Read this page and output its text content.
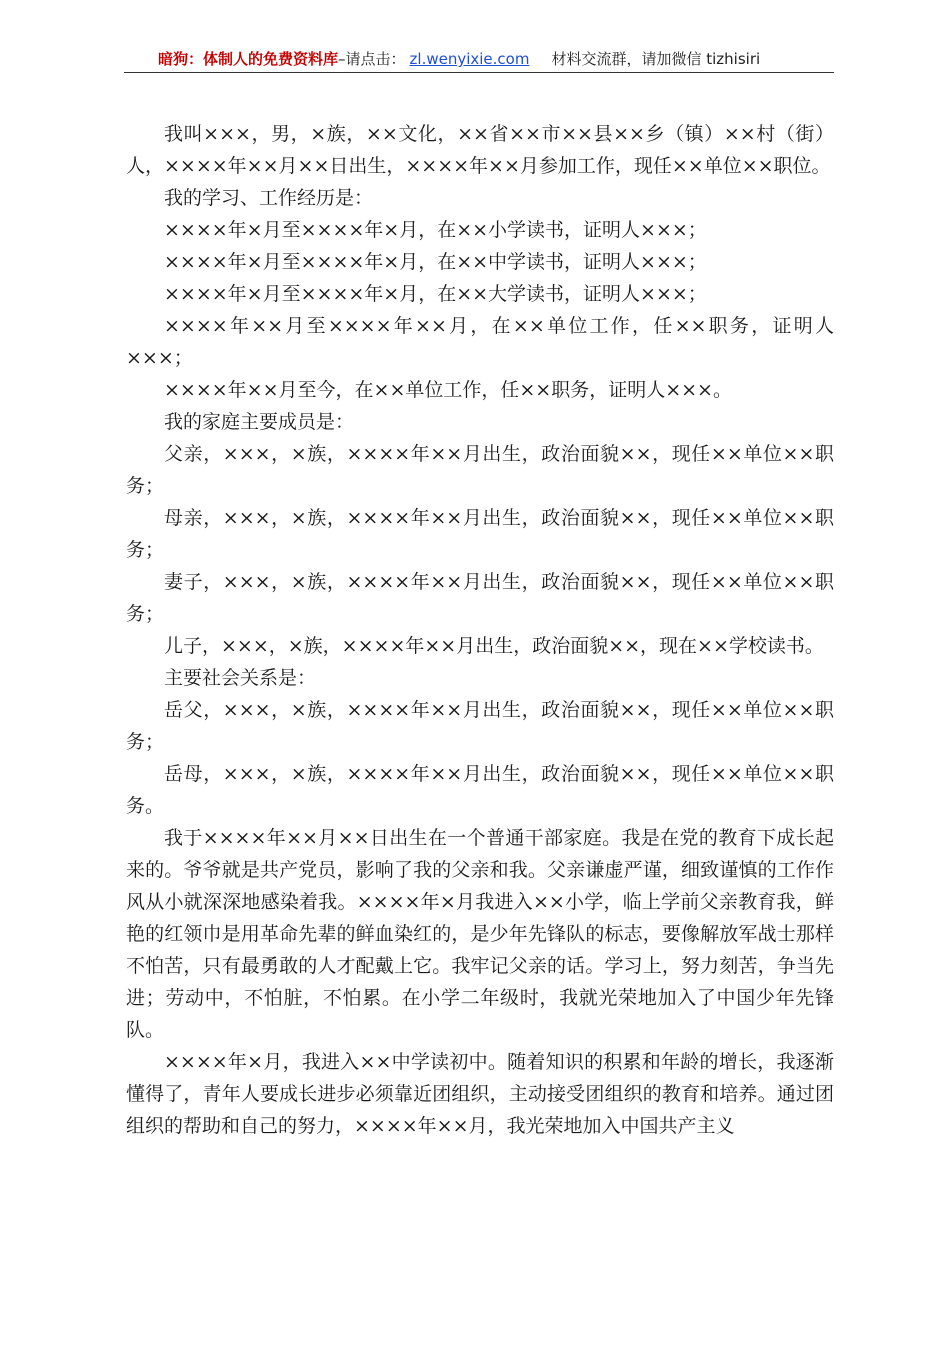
暗狗：体制人的免费资料库 –请点击： zl.wenyixie.com 材料交流群，请加微信 tizhisiri

我叫×××，男，×族，××文化，××省××市××县××乡（镇）××村（街）人，××××年××月××日出生，××××年××月参加工作，现任××单位××职位。

我的学习、工作经历是：

××××年×月至××××年×月，在××小学读书，证明人×××；

××××年×月至××××年×月，在××中学读书，证明人×××；

××××年×月至××××年×月，在××大学读书，证明人×××；

××××年××月至××××年××月，在××单位工作，任××职务，证明人×××；

××××年××月至今，在××单位工作，任××职务，证明人×××。

我的家庭主要成员是：

父亲，×××，×族，××××年××月出生，政治面貌××，现任××单位××职务；

母亲，×××，×族，××××年××月出生，政治面貌××，现任××单位××职务；

妻子，×××，×族，××××年××月出生，政治面貌××，现任××单位××职务；

儿子，×××，×族，××××年××月出生，政治面貌××，现在××学校读书。

主要社会关系是：

岳父，×××，×族，××××年××月出生，政治面貌××，现任××单位××职务；

岳母，×××，×族，××××年××月出生，政治面貌××，现任××单位××职务。

我于××××年××月××日出生在一个普通干部家庭。我是在党的教育下成长起来的。爷爷就是共产党员，影响了我的父亲和我。父亲谦虚严谨，细致谨慎的工作作风从小就深深地感染着我。××××年×月我进入××小学，临上学前父亲教育我，鲜艳的红领巾是用革命先辈的鲜血染红的，是少年先锋队的标志，要像解放军战士那样不怕苦，只有最勇敢的人才配戴上它。我牢记父亲的话。学习上，努力刻苦，争当先进；劳动中，不怕脏，不怕累。在小学二年级时，我就光荣地加入了中国少年先锋队。

××××年×月，我进入××中学读初中。随着知识的积累和年龄的增长，我逐渐懂得了，青年人要成长进步必须靠近团组织，主动接受团组织的教育和培养。通过团组织的帮助和自己的努力，××××年××月，我光荣地加入中国共产主义
